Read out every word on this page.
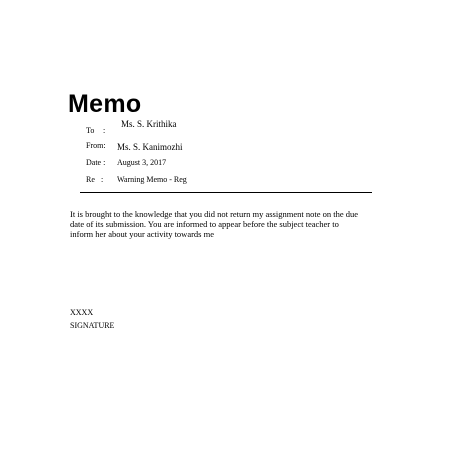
Memo
To :
Ms. S. Krithika
From: Ms. S. Kanimozhi
Date : August 3, 2017
Re : Warning Memo - Reg
It is brought to the knowledge that you did not return my assignment note on the due
date of its submission. You are informed to appear before the subject teacher to
inform her about your activity towards me
XXXX
SIGNATURE
